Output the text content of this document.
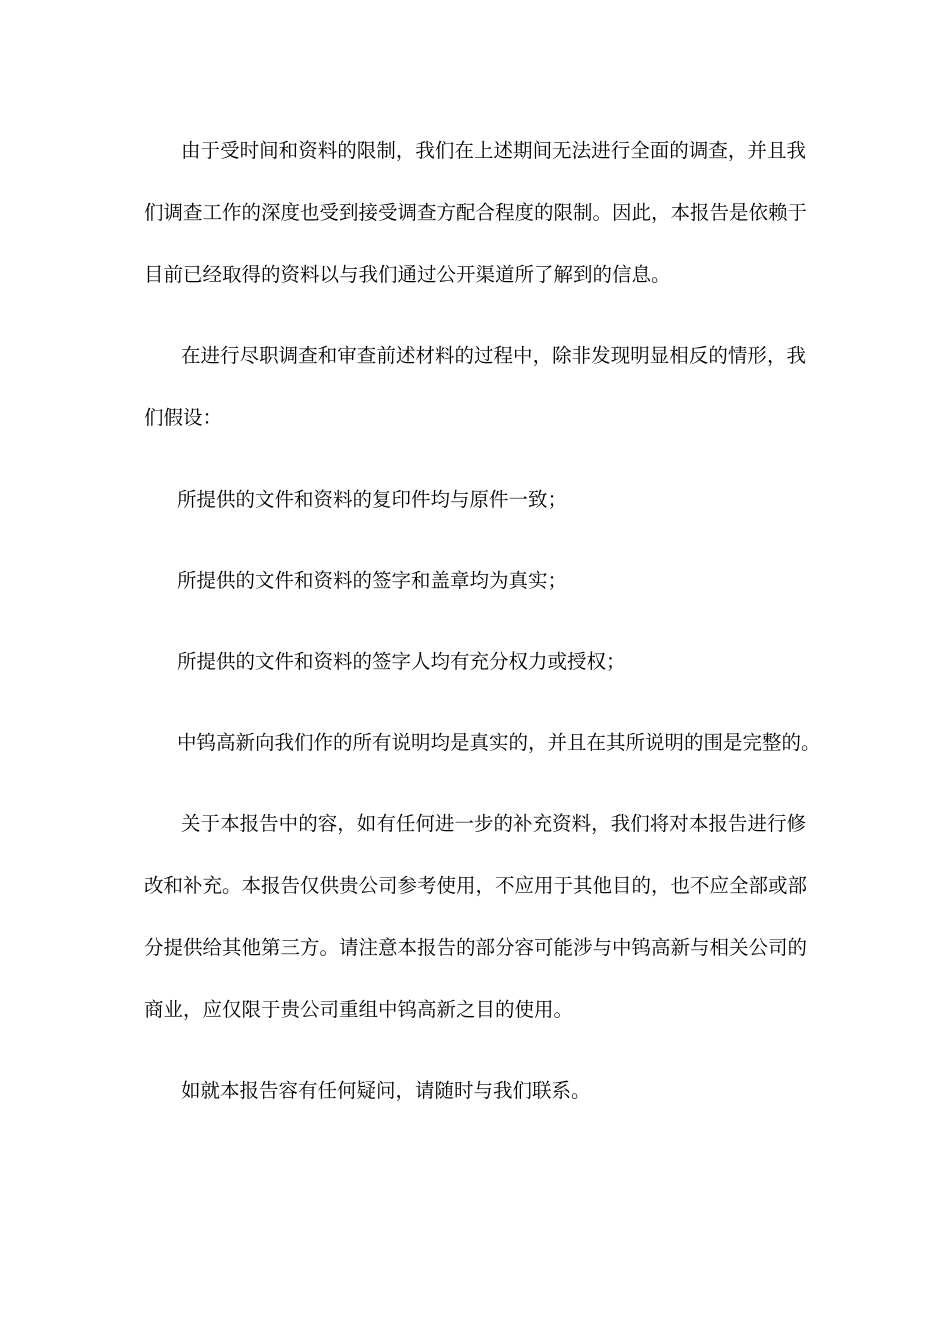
由于受时间和资料的限制，我们在上述期间无法进行全面的调查，并且我
们调查工作的深度也受到接受调查方配合程度的限制。因此，本报告是依赖于
目前已经取得的资料以与我们通过公开渠道所了解到的信息。
在进行尽职调查和审查前述材料的过程中，除非发现明显相反的情形，我
们假设：
所提供的文件和资料的复印件均与原件一致；
所提供的文件和资料的签字和盖章均为真实；
所提供的文件和资料的签字人均有充分权力或授权；
中钨高新向我们作的所有说明均是真实的，并且在其所说明的围是完整的。
关于本报告中的容，如有任何进一步的补充资料，我们将对本报告进行修
改和补充。本报告仅供贵公司参考使用，不应用于其他目的，也不应全部或部
分提供给其他第三方。请注意本报告的部分容可能涉与中钨高新与相关公司的
商业，应仅限于贵公司重组中钨高新之目的使用。
如就本报告容有任何疑问，请随时与我们联系。
